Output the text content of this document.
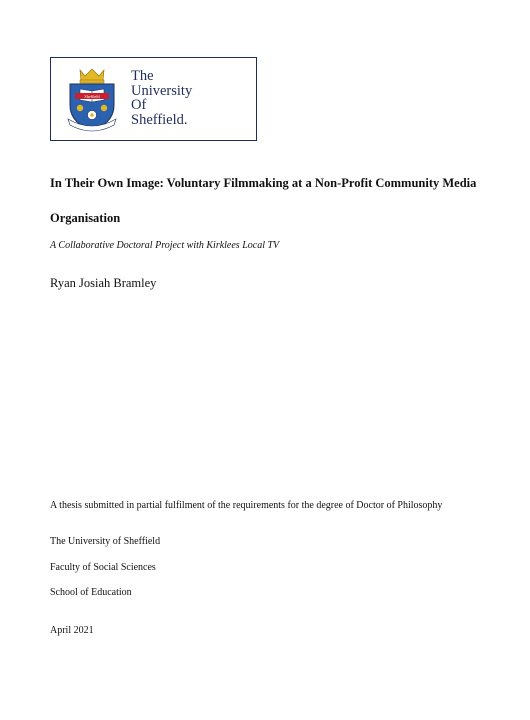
Sheffield
The
University
Of
Sheffield.

In Their Own Image: Voluntary Filmmaking at a Non-Profit Community Media Organisation

A Collaborative Doctoral Project with Kirklees Local TV

Ryan Josiah Bramley

A thesis submitted in partial fulfilment of the requirements for the degree of Doctor of Philosophy

The University of Sheffield

Faculty of Social Sciences

School of Education

April 2021
